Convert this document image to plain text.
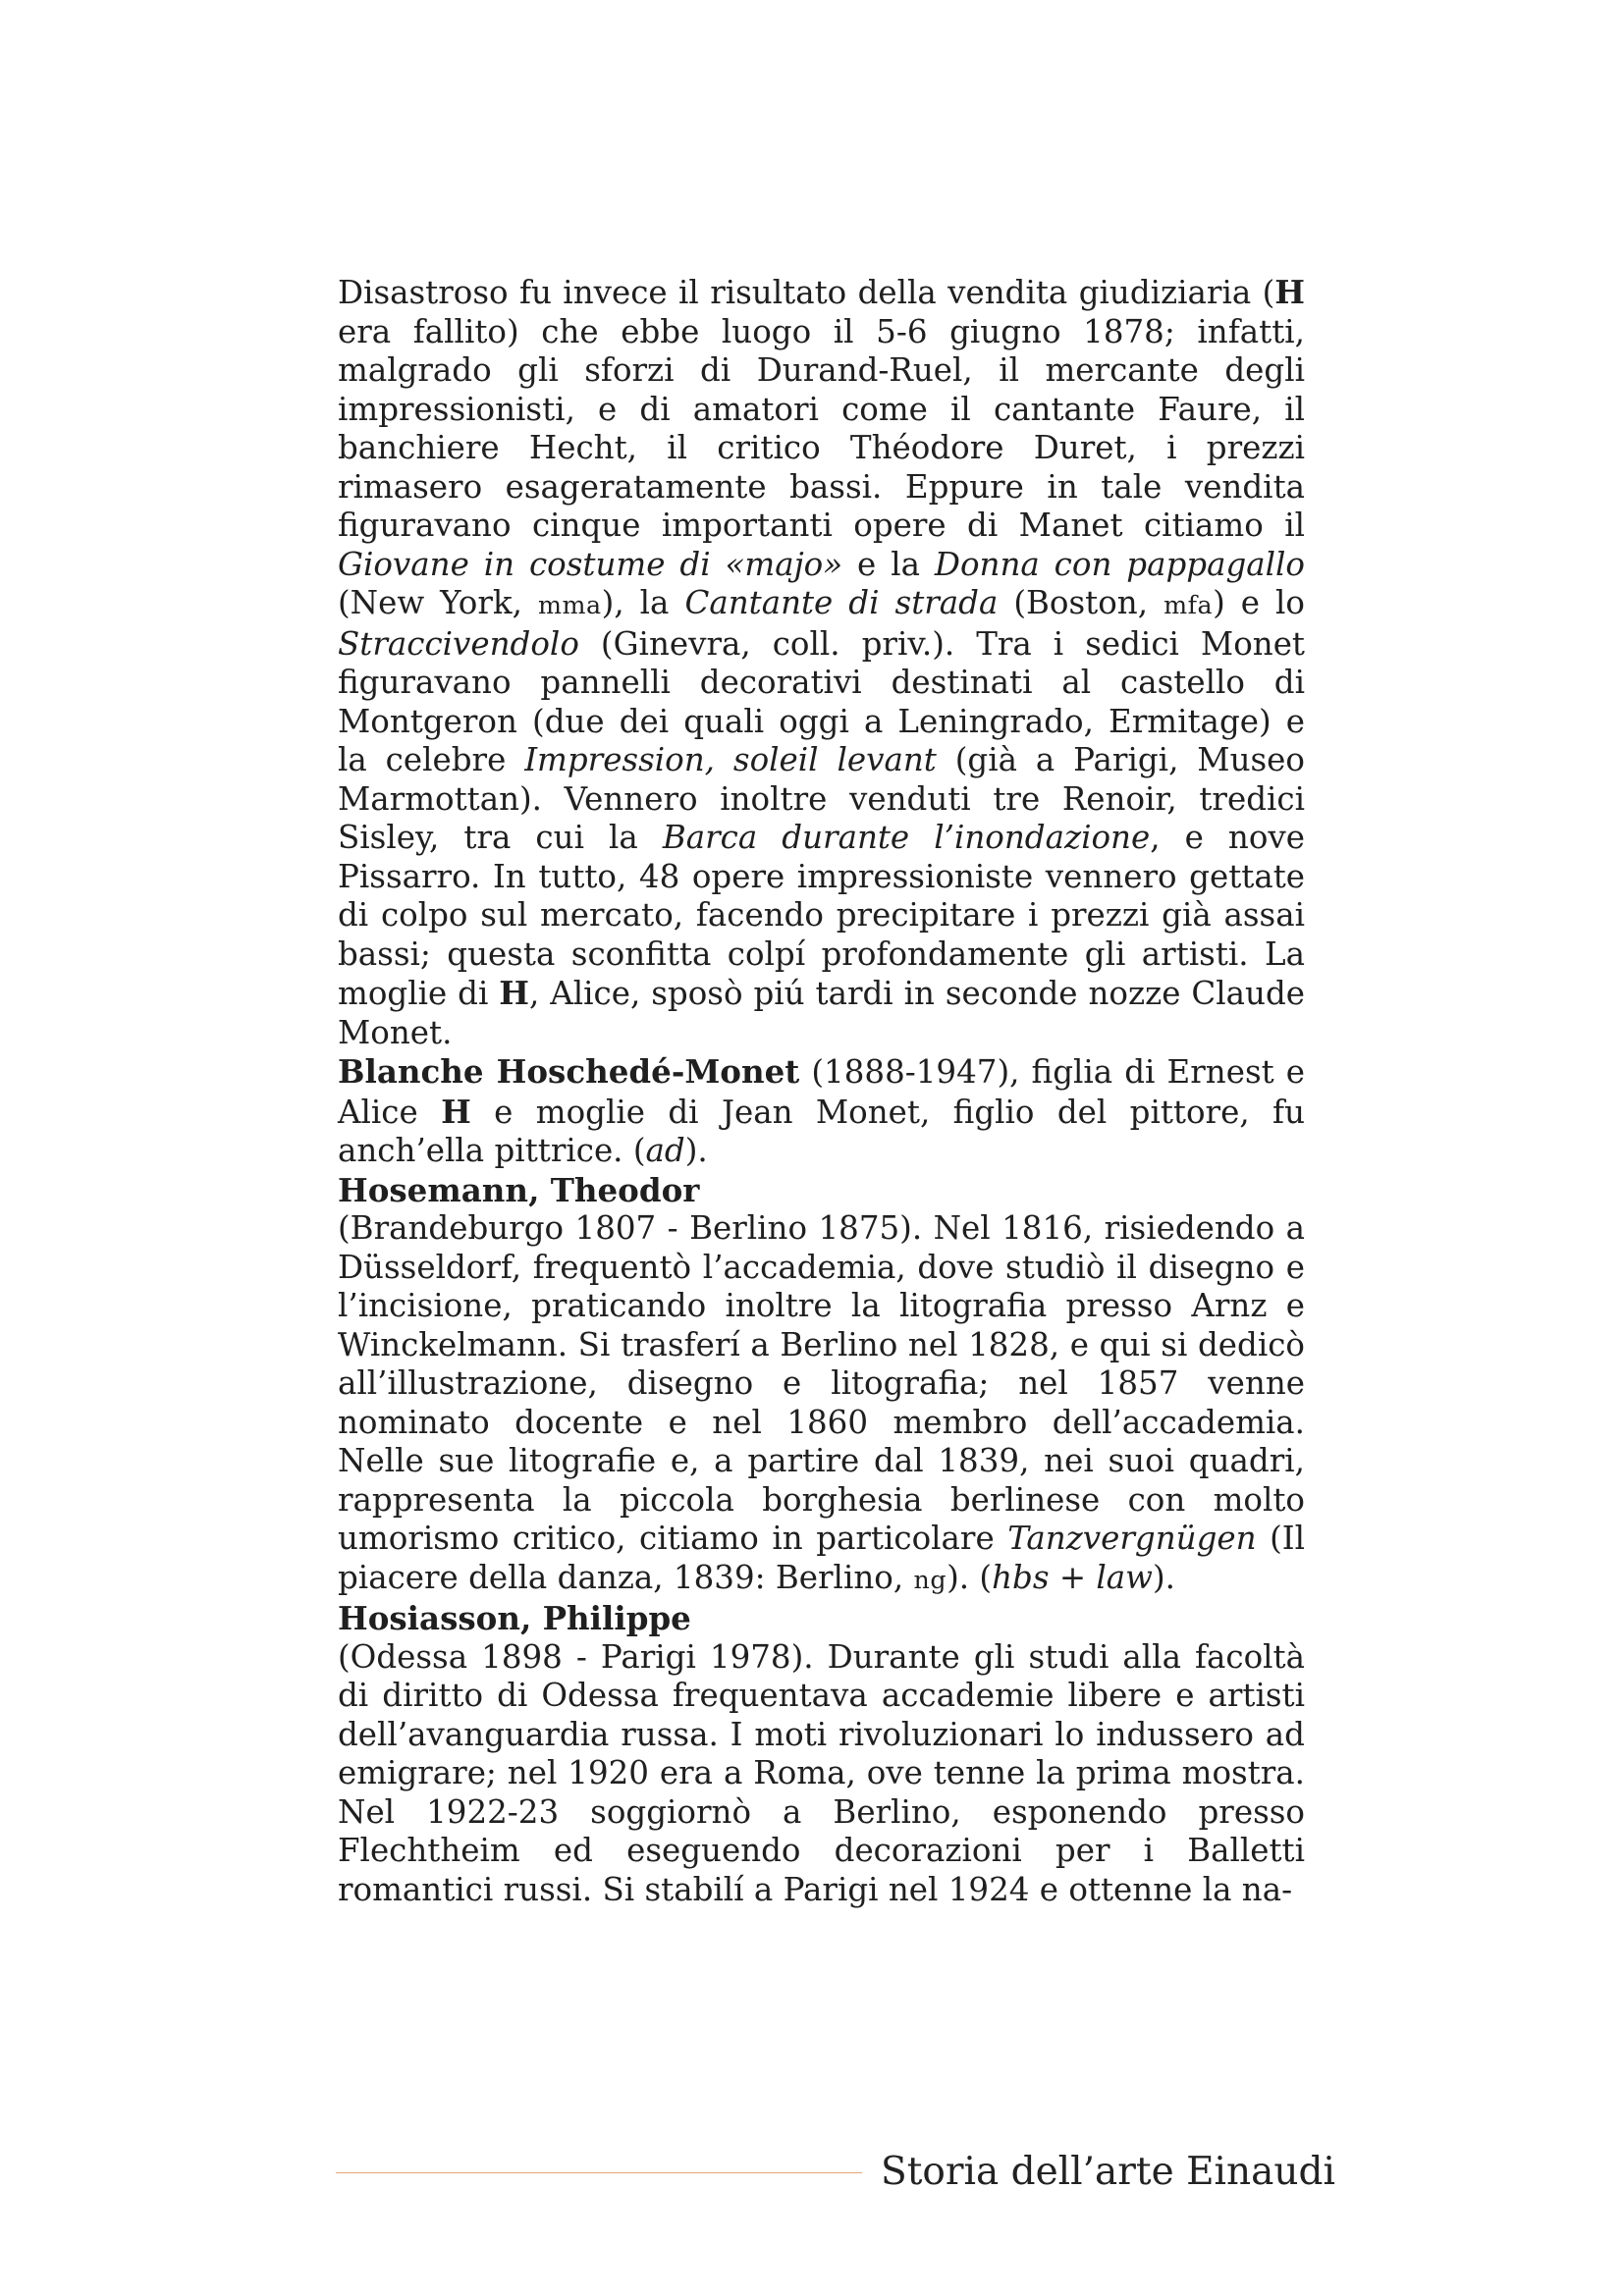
Disastroso fu invece il risultato della vendita giudiziaria (H era fallito) che ebbe luogo il 5-6 giugno 1878; infatti, malgrado gli sforzi di Durand-Ruel, il mercante degli impressionisti, e di amatori come il cantante Faure, il banchiere Hecht, il critico Théodore Duret, i prezzi rimasero esageratamente bassi. Eppure in tale vendita figuravano cinque importanti opere di Manet citiamo il Giovane in costume di «majo» e la Donna con pappagallo (New York, mma), la Cantante di strada (Boston, mfa) e lo Straccivendolo (Ginevra, coll. priv.). Tra i sedici Monet figuravano pannelli decorativi destinati al castello di Montgeron (due dei quali oggi a Leningrado, Ermitage) e la celebre Impression, soleil levant (già a Parigi, Museo Marmottan). Vennero inoltre venduti tre Renoir, tredici Sisley, tra cui la Barca durante l’inondazione, e nove Pissarro. In tutto, 48 opere impressioniste vennero gettate di colpo sul mercato, facendo precipitare i prezzi già assai bassi; questa sconfitta colpí profondamente gli artisti. La moglie di H, Alice, sposò piú tardi in seconde nozze Claude Monet.

Blanche Hoschedé-Monet (1888-1947), figlia di Ernest e Alice H e moglie di Jean Monet, figlio del pittore, fu anch’ella pittrice. (ad).

Hosemann, Theodor

(Brandeburgo 1807 - Berlino 1875). Nel 1816, risiedendo a Düsseldorf, frequentò l’accademia, dove studiò il disegno e l’incisione, praticando inoltre la litografia presso Arnz e Winckelmann. Si trasferí a Berlino nel 1828, e qui si dedicò all’illustrazione, disegno e litografia; nel 1857 venne nominato docente e nel 1860 membro dell’accademia. Nelle sue litografie e, a partire dal 1839, nei suoi quadri, rappresenta la piccola borghesia berlinese con molto umorismo critico, citiamo in particolare Tanzvergnügen (Il piacere della danza, 1839: Berlino, ng). (hbs + law).

Hosiasson, Philippe

(Odessa 1898 - Parigi 1978). Durante gli studi alla facoltà di diritto di Odessa frequentava accademie libere e artisti dell’avanguardia russa. I moti rivoluzionari lo indussero ad emigrare; nel 1920 era a Roma, ove tenne la prima mostra. Nel 1922-23 soggiornò a Berlino, esponendo presso Flechtheim ed eseguendo decorazioni per i Balletti romantici russi. Si stabilí a Parigi nel 1924 e ottenne la na-

Storia dell’arte Einaudi
